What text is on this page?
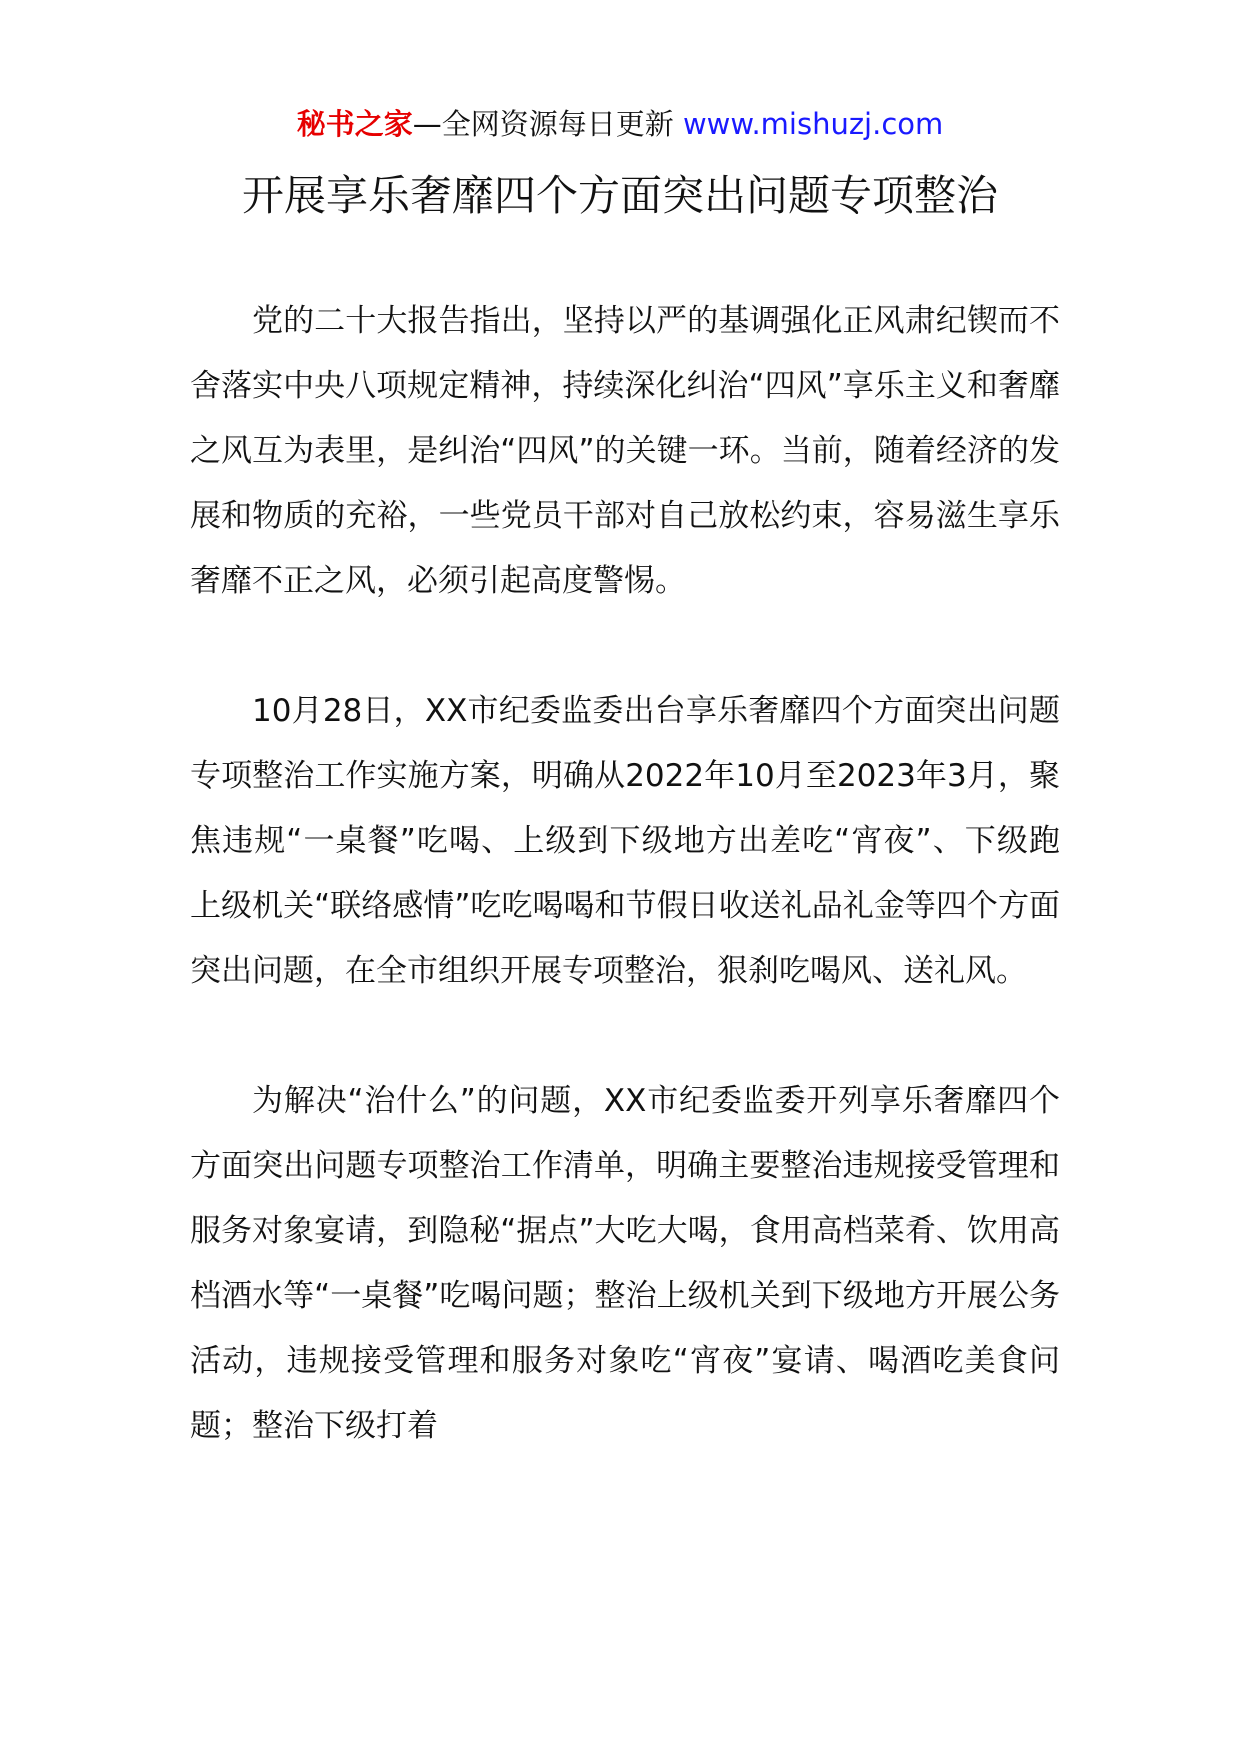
秘书之家—全网资源每日更新 www.mishuzj.com
开展享乐奢靡四个方面突出问题专项整治

党的二十大报告指出，坚持以严的基调强化正风肃纪锲而不舍落实中央八项规定精神，持续深化纠治“四风”享乐主义和奢靡之风互为表里，是纠治“四风”的关键一环。当前，随着经济的发展和物质的充裕，一些党员干部对自己放松约束，容易滋生享乐奢靡不正之风，必须引起高度警惕。

10月28日，XX市纪委监委出台享乐奢靡四个方面突出问题专项整治工作实施方案，明确从2022年10月至2023年3月，聚焦违规“一桌餐”吃喝、上级到下级地方出差吃“宵夜”、下级跑上级机关“联络感情”吃吃喝喝和节假日收送礼品礼金等四个方面突出问题，在全市组织开展专项整治，狠刹吃喝风、送礼风。

为解决“治什么”的问题，XX市纪委监委开列享乐奢靡四个方面突出问题专项整治工作清单，明确主要整治违规接受管理和服务对象宴请，到隐秘“据点”大吃大喝，食用高档菜肴、饮用高档酒水等“一桌餐”吃喝问题；整治上级机关到下级地方开展公务活动，违规接受管理和服务对象吃“宵夜”宴请、喝酒吃美食问题；整治下级打着
